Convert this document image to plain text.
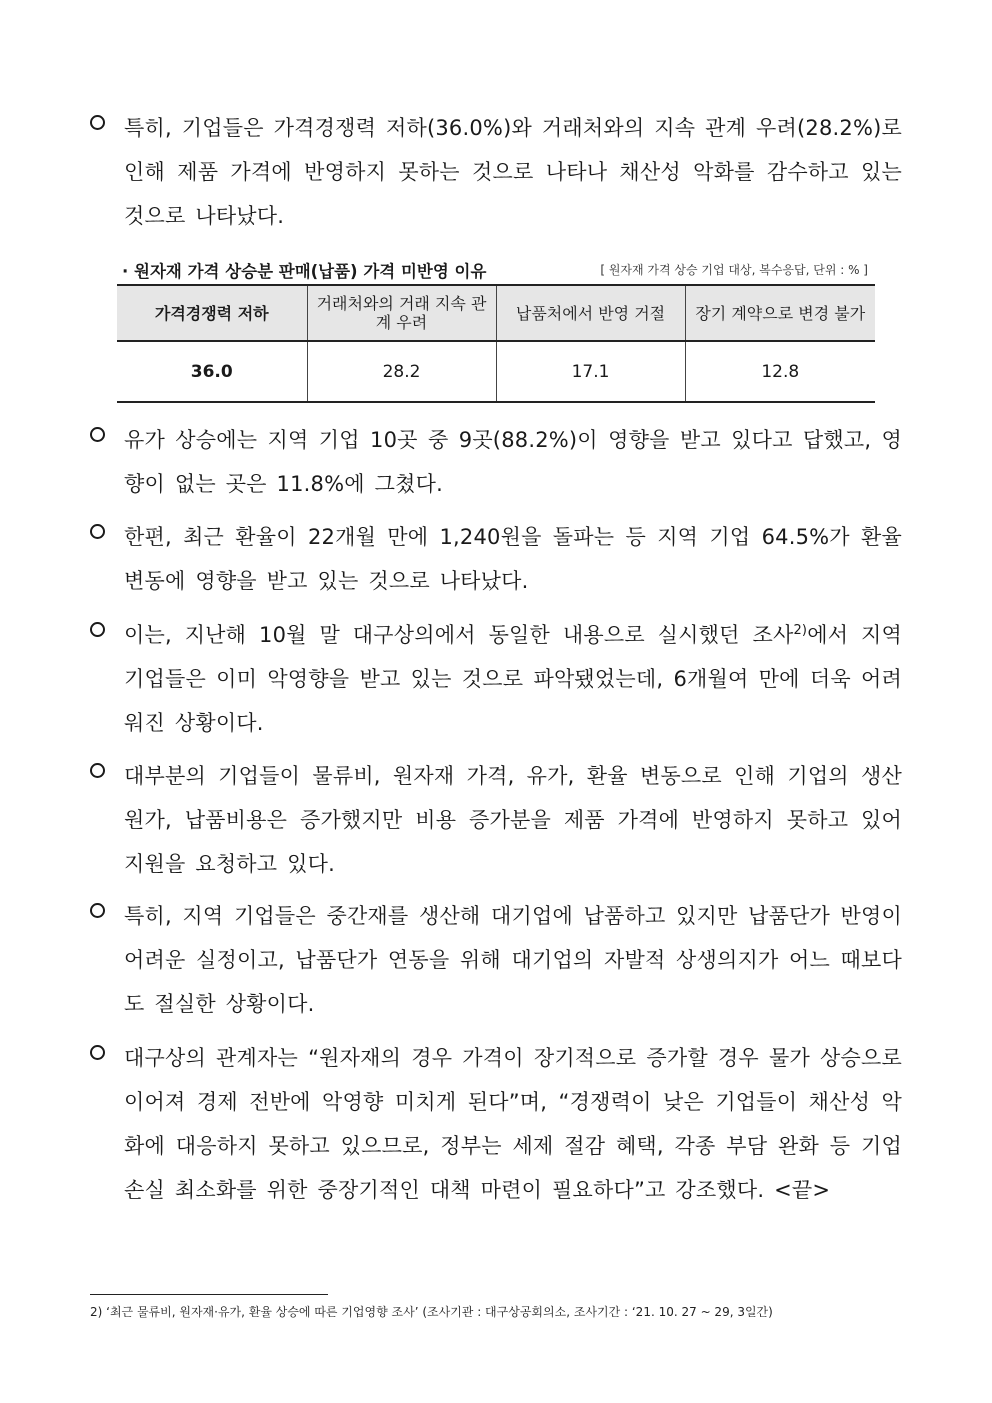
특히, 기업들은 가격경쟁력 저하(36.0%)와 거래처와의 지속 관계 우려(28.2%)로 인해 제품 가격에 반영하지 못하는 것으로 나타나 채산성 악화를 감수하고 있는 것으로 나타났다.
· 원자재 가격 상승분 판매(납품) 가격 미반영 이유	[ 원자재 가격 상승 기업 대상, 복수응답, 단위 : % ]
가격경쟁력 저하	거래처와의 거래 지속 관계 우려	납품처에서 반영 거절	장기 계약으로 변경 불가
36.0	28.2	17.1	12.8
유가 상승에는 지역 기업 10곳 중 9곳(88.2%)이 영향을 받고 있다고 답했고, 영향이 없는 곳은 11.8%에 그쳤다.
한편, 최근 환율이 22개월 만에 1,240원을 돌파는 등 지역 기업 64.5%가 환율 변동에 영향을 받고 있는 것으로 나타났다.
이는, 지난해 10월 말 대구상의에서 동일한 내용으로 실시했던 조사$^{2)}$에서 지역 기업들은 이미 악영향을 받고 있는 것으로 파악됐었는데, 6개월여 만에 더욱 어려워진 상황이다.
대부분의 기업들이 물류비, 원자재 가격, 유가, 환율 변동으로 인해 기업의 생산 원가, 납품비용은 증가했지만 비용 증가분을 제품 가격에 반영하지 못하고 있어 지원을 요청하고 있다.
특히, 지역 기업들은 중간재를 생산해 대기업에 납품하고 있지만 납품단가 반영이 어려운 실정이고, 납품단가 연동을 위해 대기업의 자발적 상생의지가 어느 때보다도 절실한 상황이다.
대구상의 관계자는 “원자재의 경우 가격이 장기적으로 증가할 경우 물가 상승으로 이어져 경제 전반에 악영향 미치게 된다”며, “경쟁력이 낮은 기업들이 채산성 악화에 대응하지 못하고 있으므로, 정부는 세제 절감 혜택, 각종 부담 완화 등 기업 손실 최소화를 위한 중장기적인 대책 마련이 필요하다”고 강조했다. <끝>
2) ‘최근 물류비, 원자재·유가, 환율 상승에 따른 기업영향 조사’ (조사기관 : 대구상공회의소, 조사기간 : ‘21. 10. 27 ~ 29, 3일간)
